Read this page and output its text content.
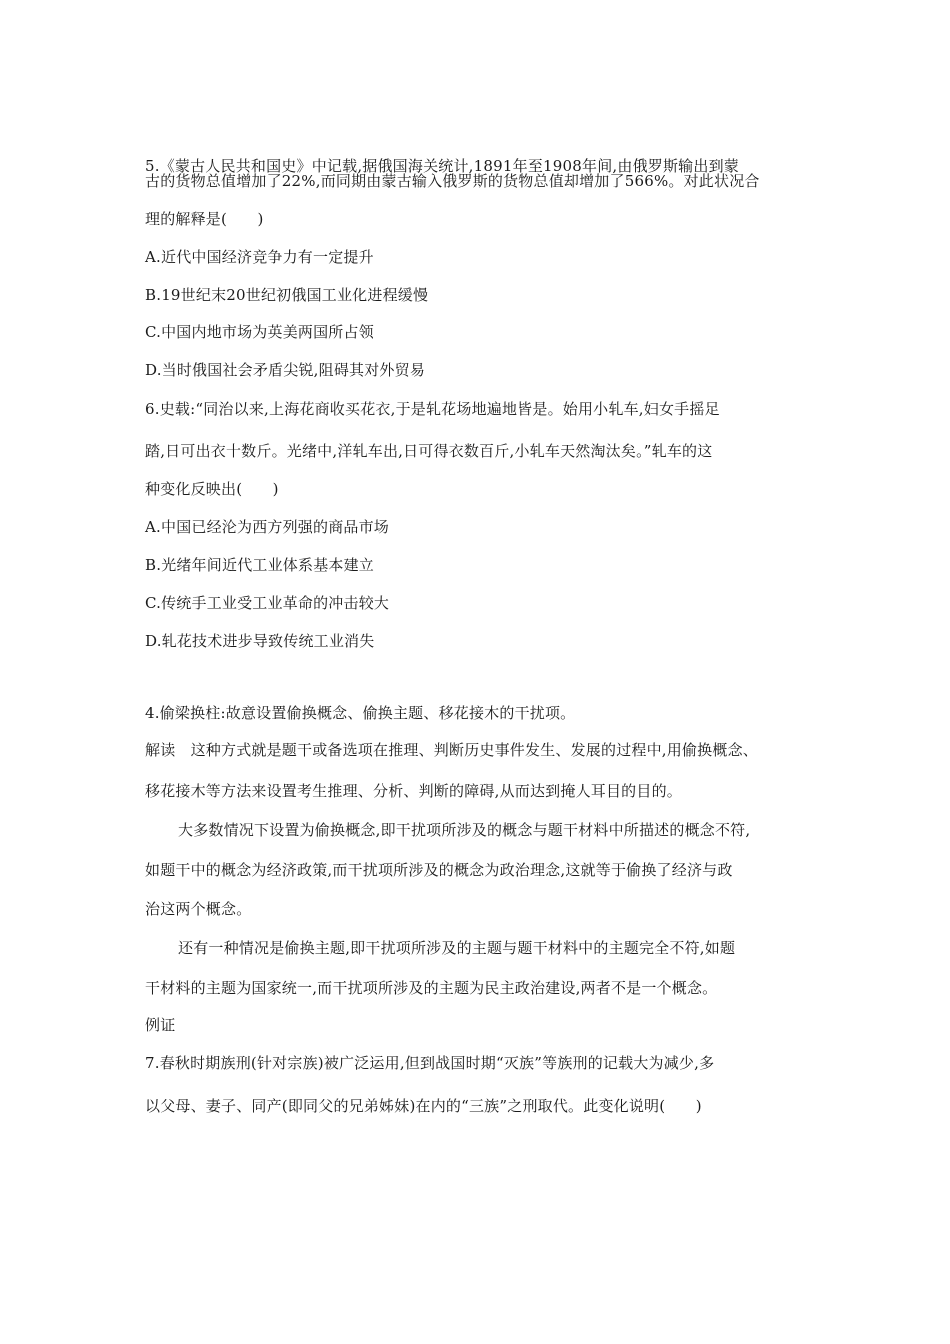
5.《蒙古人民共和国史》中记载,据俄国海关统计,1891年至1908年间,由俄罗斯输出到蒙
古的货物总值增加了22%,而同期由蒙古输入俄罗斯的货物总值却增加了566%。对此状况合
理的解释是(　　)
A.近代中国经济竞争力有一定提升
B.19世纪末20世纪初俄国工业化进程缓慢
C.中国内地市场为英美两国所占领
D.当时俄国社会矛盾尖锐,阻碍其对外贸易
6.史载:“同治以来,上海花商收买花衣,于是轧花场地遍地皆是。始用小轧车,妇女手摇足
踏,日可出衣十数斤。光绪中,洋轧车出,日可得衣数百斤,小轧车天然淘汰矣。”轧车的这
种变化反映出(　　)
A.中国已经沦为西方列强的商品市场
B.光绪年间近代工业体系基本建立
C.传统手工业受工业革命的冲击较大
D.轧花技术进步导致传统工业消失
4.偷梁换柱:故意设置偷换概念、偷换主题、移花接木的干扰项。
解读　这种方式就是题干或备选项在推理、判断历史事件发生、发展的过程中,用偷换概念、
移花接木等方法来设置考生推理、分析、判断的障碍,从而达到掩人耳目的目的。
大多数情况下设置为偷换概念,即干扰项所涉及的概念与题干材料中所描述的概念不符,
如题干中的概念为经济政策,而干扰项所涉及的概念为政治理念,这就等于偷换了经济与政
治这两个概念。
还有一种情况是偷换主题,即干扰项所涉及的主题与题干材料中的主题完全不符,如题
干材料的主题为国家统一,而干扰项所涉及的主题为民主政治建设,两者不是一个概念。
例证
7.春秋时期族刑(针对宗族)被广泛运用,但到战国时期“灭族”等族刑的记载大为减少,多
以父母、妻子、同产(即同父的兄弟姊妹)在内的“三族”之刑取代。此变化说明(　　)
